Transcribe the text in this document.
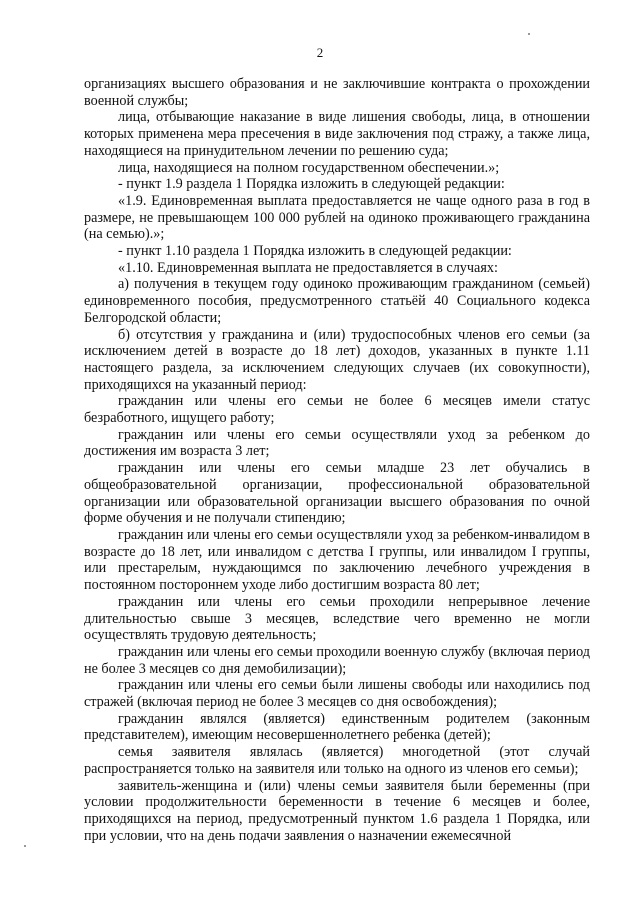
2

организациях высшего образования и не заключившие контракта о прохождении военной службы;

лица, отбывающие наказание в виде лишения свободы, лица, в отношении которых применена мера пресечения в виде заключения под стражу, а также лица, находящиеся на принудительном лечении по решению суда;

лица, находящиеся на полном государственном обеспечении.»;

- пункт 1.9 раздела 1 Порядка изложить в следующей редакции:

«1.9. Единовременная выплата предоставляется не чаще одного раза в год в размере, не превышающем 100 000 рублей на одиноко проживающего гражданина (на семью).»;

- пункт 1.10 раздела 1 Порядка изложить в следующей редакции:

«1.10. Единовременная выплата не предоставляется в случаях:

а) получения в текущем году одиноко проживающим гражданином (семьей) единовременного пособия, предусмотренного статьёй 40 Социального кодекса Белгородской области;

б) отсутствия у гражданина и (или) трудоспособных членов его семьи (за исключением детей в возрасте до 18 лет) доходов, указанных в пункте 1.11 настоящего раздела, за исключением следующих случаев (их совокупности), приходящихся на указанный период:

гражданин или члены его семьи не более 6 месяцев имели статус безработного, ищущего работу;

гражданин или члены его семьи осуществляли уход за ребенком до достижения им возраста 3 лет;

гражданин или члены его семьи младше 23 лет обучались в общеобразовательной организации, профессиональной образовательной организации или образовательной организации высшего образования по очной форме обучения и не получали стипендию;

гражданин или члены его семьи осуществляли уход за ребенком-инвалидом в возрасте до 18 лет, или инвалидом с детства I группы, или инвалидом I группы, или престарелым, нуждающимся по заключению лечебного учреждения в постоянном постороннем уходе либо достигшим возраста 80 лет;

гражданин или члены его семьи проходили непрерывное лечение длительностью свыше 3 месяцев, вследствие чего временно не могли осуществлять трудовую деятельность;

гражданин или члены его семьи проходили военную службу (включая период не более 3 месяцев со дня демобилизации);

гражданин или члены его семьи были лишены свободы или находились под стражей (включая период не более 3 месяцев со дня освобождения);

гражданин являлся (является) единственным родителем (законным представителем), имеющим несовершеннолетнего ребенка (детей);

семья заявителя являлась (является) многодетной (этот случай распространяется только на заявителя или только на одного из членов его семьи);

заявитель-женщина и (или) члены семьи заявителя были беременны (при условии продолжительности беременности в течение 6 месяцев и более, приходящихся на период, предусмотренный пунктом 1.6 раздела 1 Порядка, или при условии, что на день подачи заявления о назначении ежемесячной
